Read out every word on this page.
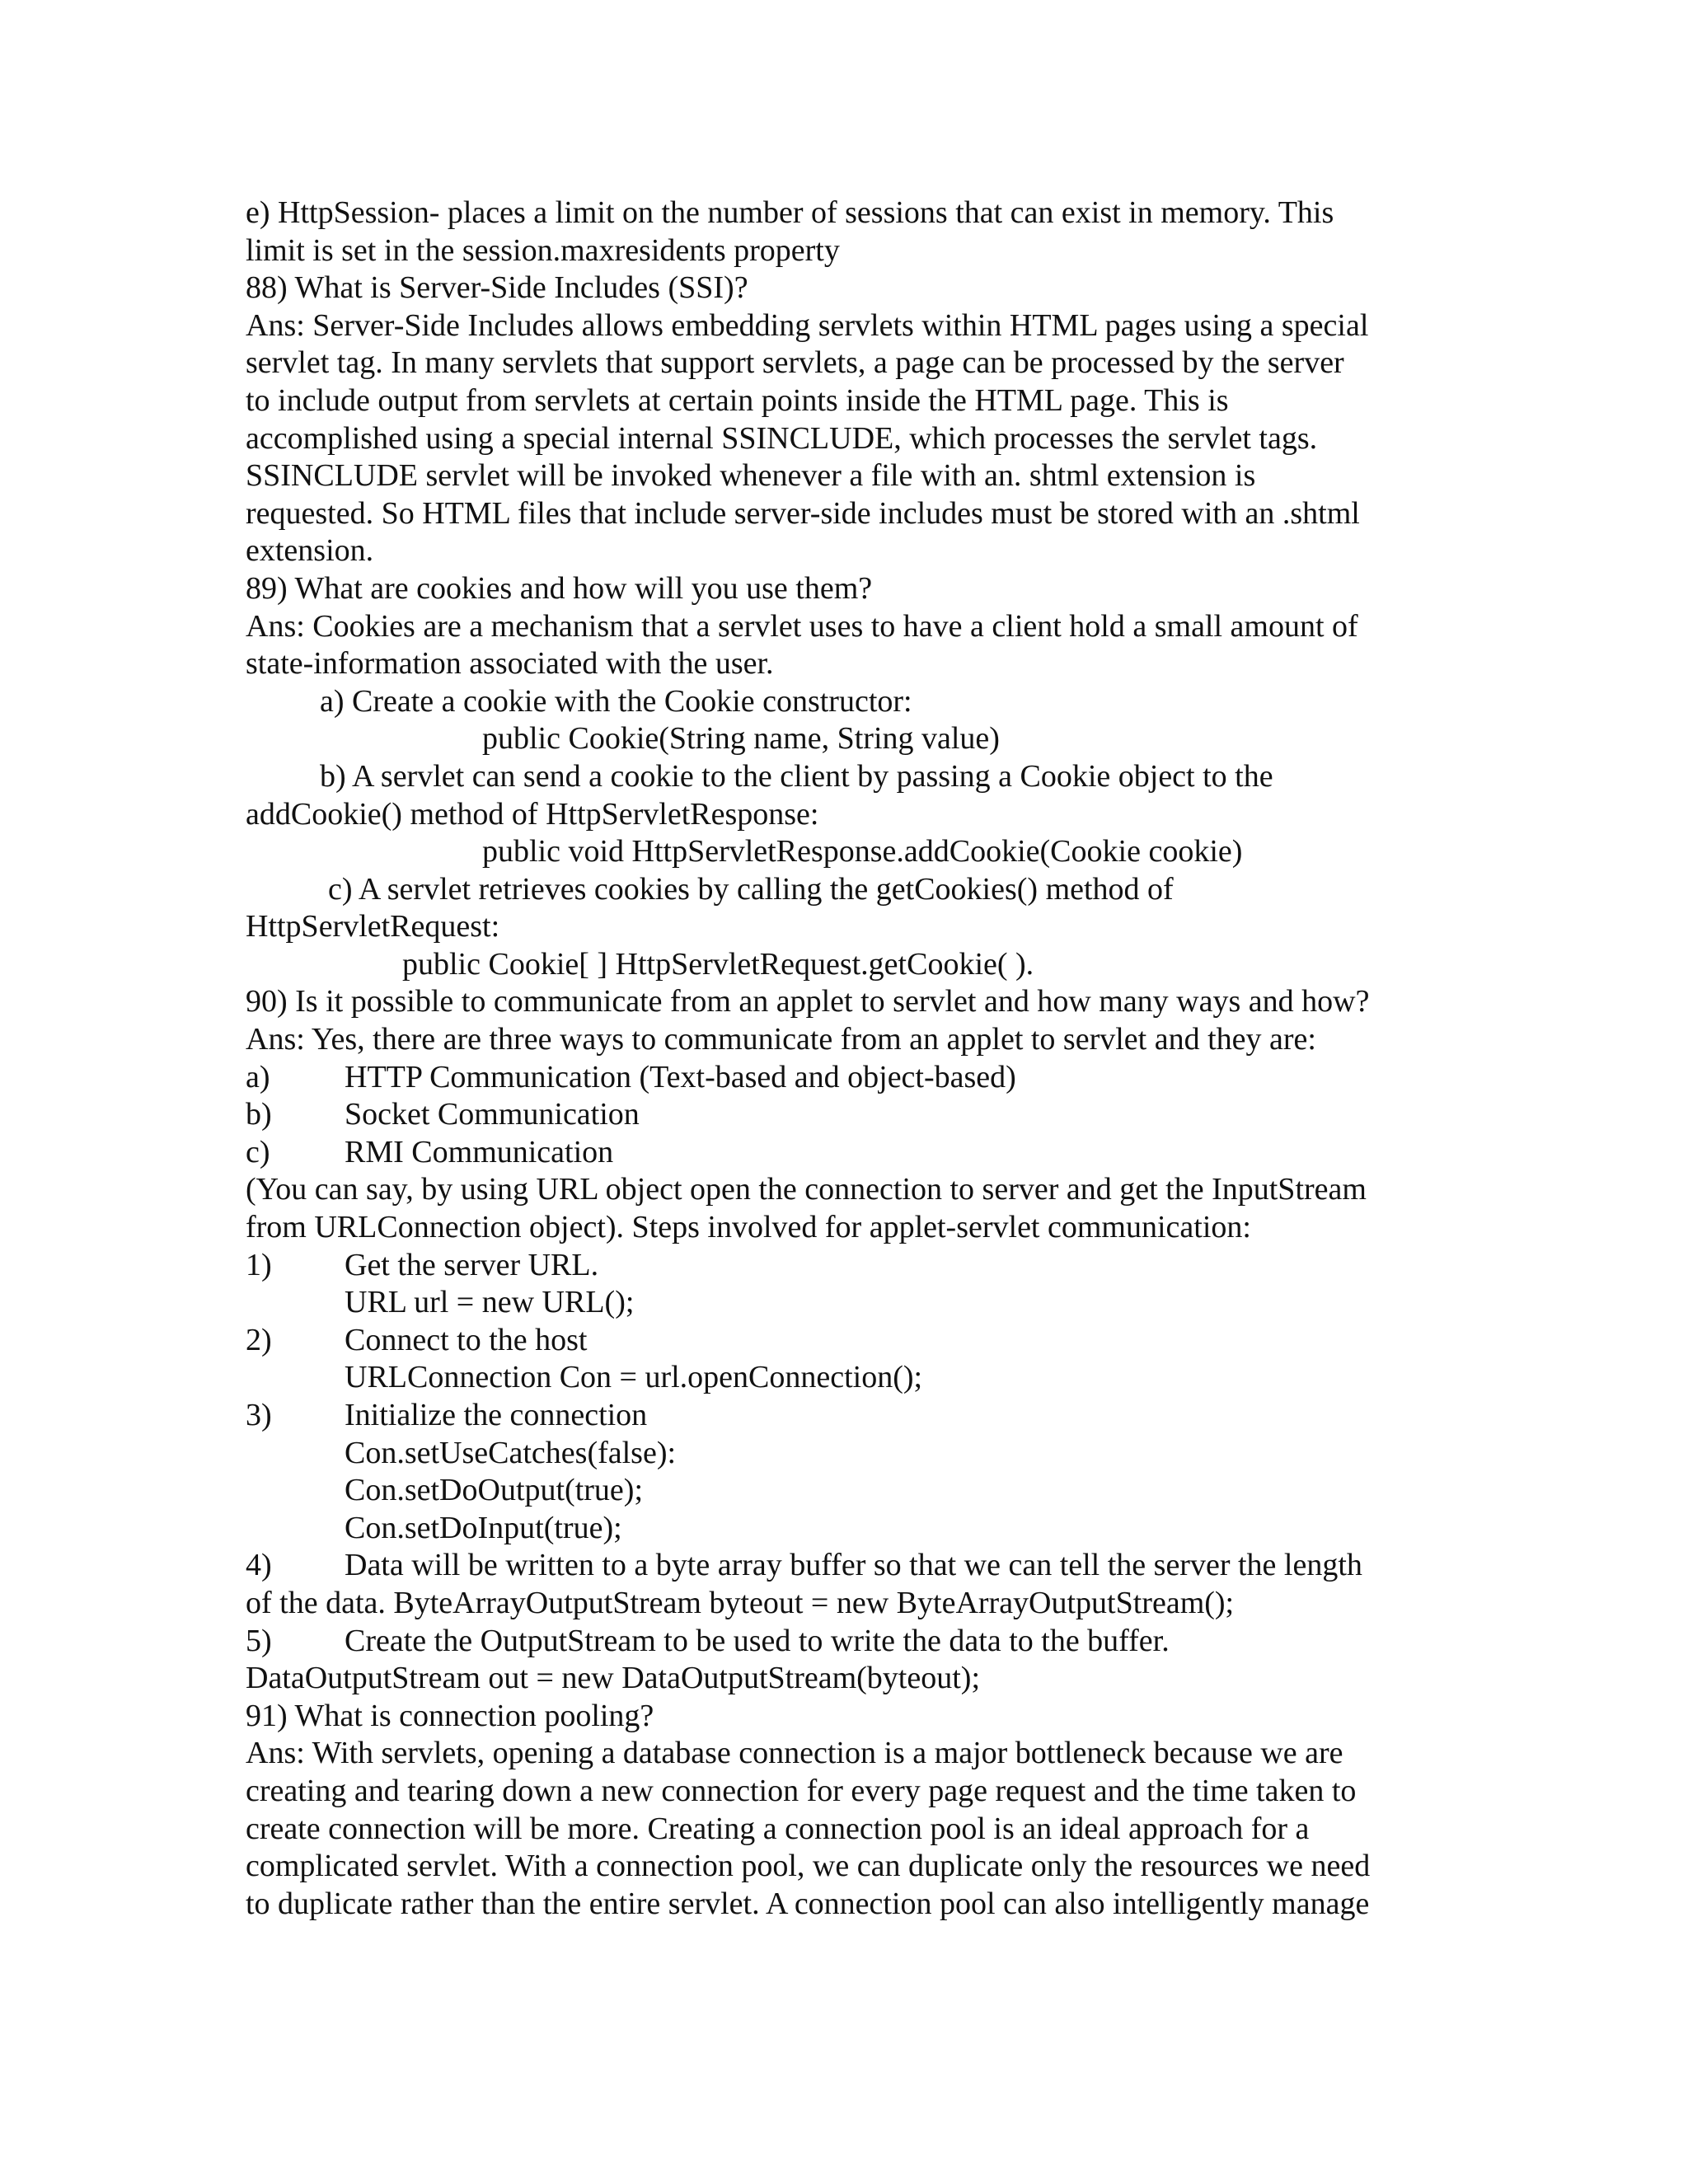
e) HttpSession- places a limit on the number of sessions that can exist in memory. This
limit is set in the session.maxresidents property
88) What is Server-Side Includes (SSI)?
Ans: Server-Side Includes allows embedding servlets within HTML pages using a special
servlet tag. In many servlets that support servlets, a page can be processed by the server
to include output from servlets at certain points inside the HTML page. This is
accomplished using a special internal SSINCLUDE, which processes the servlet tags.
SSINCLUDE servlet will be invoked whenever a file with an. shtml extension is
requested. So HTML files that include server-side includes must be stored with an .shtml
extension.
89) What are cookies and how will you use them?
Ans: Cookies are a mechanism that a servlet uses to have a client hold a small amount of
state-information associated with the user.
a) Create a cookie with the Cookie constructor:
public Cookie(String name, String value)
b) A servlet can send a cookie to the client by passing a Cookie object to the
addCookie() method of HttpServletResponse:
public void HttpServletResponse.addCookie(Cookie cookie)
c) A servlet retrieves cookies by calling the getCookies() method of
HttpServletRequest:
public Cookie[ ] HttpServletRequest.getCookie( ).
90) Is it possible to communicate from an applet to servlet and how many ways and how?
Ans: Yes, there are three ways to communicate from an applet to servlet and they are:
a)	HTTP Communication (Text-based and object-based)
b)	Socket Communication
c)	RMI Communication
(You can say, by using URL object open the connection to server and get the InputStream
from URLConnection object). Steps involved for applet-servlet communication:
1)	Get the server URL.
URL url = new URL();
2)	Connect to the host
URLConnection Con = url.openConnection();
3)	Initialize the connection
Con.setUseCatches(false):
Con.setDoOutput(true);
Con.setDoInput(true);
4)	Data will be written to a byte array buffer so that we can tell the server the length
of the data. ByteArrayOutputStream byteout = new ByteArrayOutputStream();
5)	Create the OutputStream to be used to write the data to the buffer.
DataOutputStream out = new DataOutputStream(byteout);
91) What is connection pooling?
Ans: With servlets, opening a database connection is a major bottleneck because we are
creating and tearing down a new connection for every page request and the time taken to
create connection will be more. Creating a connection pool is an ideal approach for a
complicated servlet. With a connection pool, we can duplicate only the resources we need
to duplicate rather than the entire servlet. A connection pool can also intelligently manage
